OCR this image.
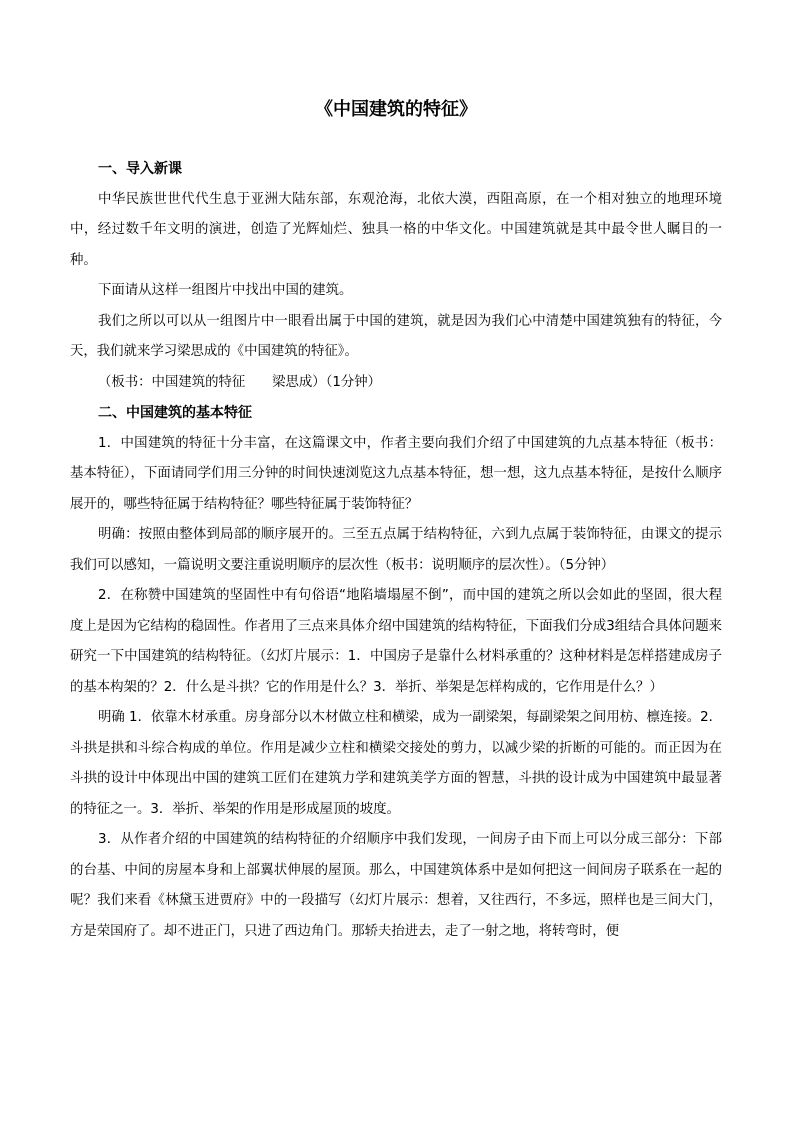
《中国建筑的特征》

一、导入新课

中华民族世世代代生息于亚洲大陆东部，东观沧海，北依大漠，西阻高原，在一个相对独立的地理环境中，经过数千年文明的演进，创造了光辉灿烂、独具一格的中华文化。中国建筑就是其中最令世人瞩目的一种。

下面请从这样一组图片中找出中国的建筑。

我们之所以可以从一组图片中一眼看出属于中国的建筑，就是因为我们心中清楚中国建筑独有的特征，今天，我们就来学习梁思成的《中国建筑的特征》。

（板书：中国建筑的特征　　梁思成）（1分钟）

二、中国建筑的基本特征

1．中国建筑的特征十分丰富，在这篇课文中，作者主要向我们介绍了中国建筑的九点基本特征（板书：基本特征），下面请同学们用三分钟的时间快速浏览这九点基本特征，想一想，这九点基本特征，是按什么顺序展开的，哪些特征属于结构特征？哪些特征属于装饰特征？

明确：按照由整体到局部的顺序展开的。三至五点属于结构特征，六到九点属于装饰特征，由课文的提示我们可以感知，一篇说明文要注重说明顺序的层次性（板书：说明顺序的层次性）。（5分钟）

2．在称赞中国建筑的坚固性中有句俗语“地陷墙塌屋不倒”，而中国的建筑之所以会如此的坚固，很大程度上是因为它结构的稳固性。作者用了三点来具体介绍中国建筑的结构特征，下面我们分成3组结合具体问题来研究一下中国建筑的结构特征。（幻灯片展示：1．中国房子是靠什么材料承重的？这种材料是怎样搭建成房子的基本构架的？2．什么是斗拱？它的作用是什么？3．举折、举架是怎样构成的，它作用是什么？）

明确 1．依靠木材承重。房身部分以木材做立柱和横梁，成为一副梁架，每副梁架之间用枋、檩连接。2．斗拱是拱和斗综合构成的单位。作用是减少立柱和横梁交接处的剪力，以减少梁的折断的可能的。而正因为在斗拱的设计中体现出中国的建筑工匠们在建筑力学和建筑美学方面的智慧，斗拱的设计成为中国建筑中最显著的特征之一。3．举折、举架的作用是形成屋顶的坡度。

3．从作者介绍的中国建筑的结构特征的介绍顺序中我们发现，一间房子由下而上可以分成三部分：下部的台基、中间的房屋本身和上部翼状伸展的屋顶。那么，中国建筑体系中是如何把这一间间房子联系在一起的呢？我们来看《林黛玉进贾府》中的一段描写（幻灯片展示：想着，又往西行，不多远，照样也是三间大门，方是荣国府了。却不进正门，只进了西边角门。那轿夫抬进去，走了一射之地，将转弯时，便
